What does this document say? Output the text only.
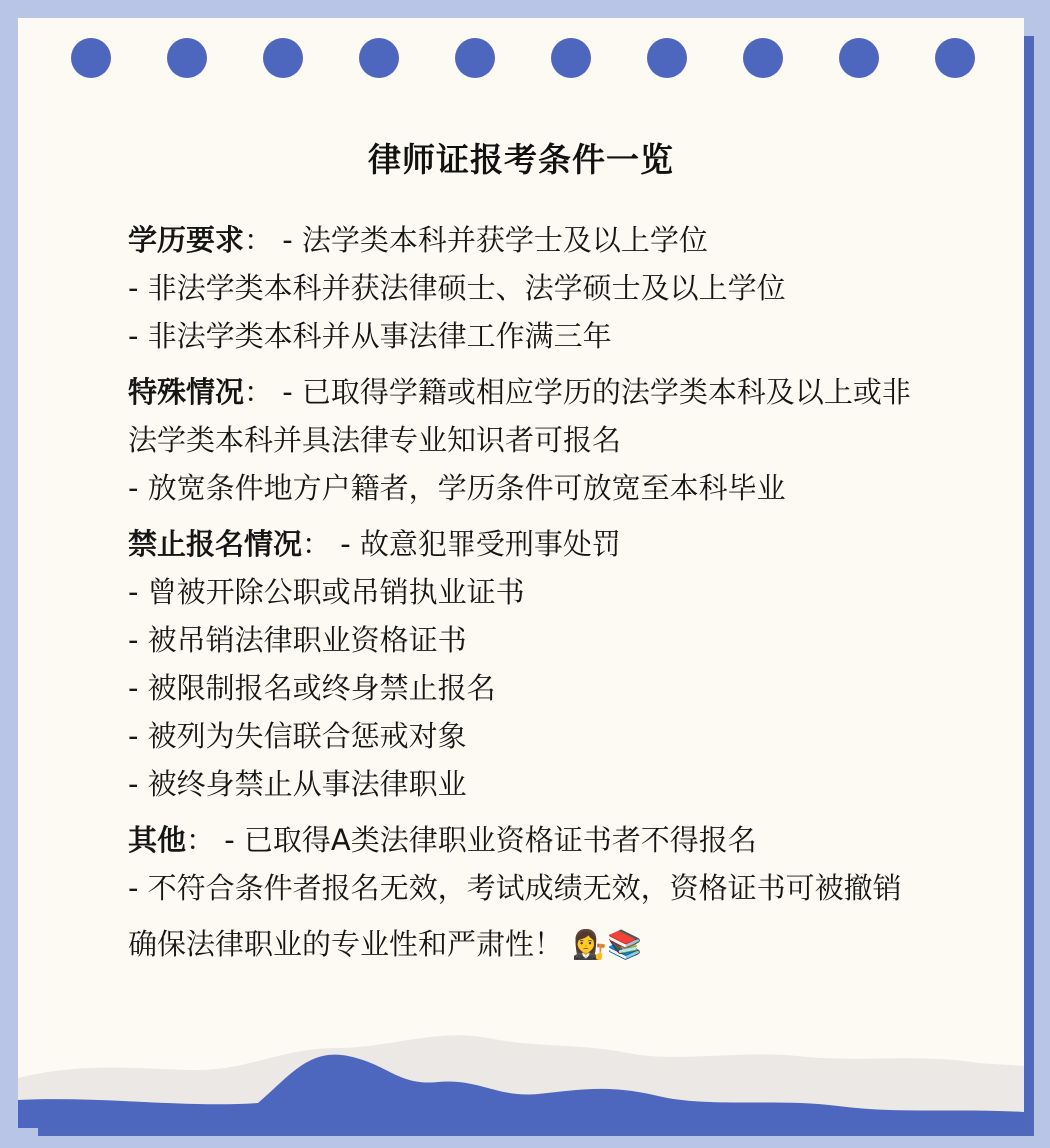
律师证报考条件一览
学历要求： - 法学类本科并获学士及以上学位
- 非法学类本科并获法律硕士、法学硕士及以上学位
- 非法学类本科并从事法律工作满三年
特殊情况： - 已取得学籍或相应学历的法学类本科及以上或非法学类本科并具法律专业知识者可报名
- 放宽条件地方户籍者，学历条件可放宽至本科毕业
禁止报名情况： - 故意犯罪受刑事处罚
- 曾被开除公职或吊销执业证书
- 被吊销法律职业资格证书
- 被限制报名或终身禁止报名
- 被列为失信联合惩戒对象
- 被终身禁止从事法律职业
其他： - 已取得A类法律职业资格证书者不得报名
- 不符合条件者报名无效，考试成绩无效，资格证书可被撤销
确保法律职业的专业性和严肃性！ 👩‍⚖️📚
